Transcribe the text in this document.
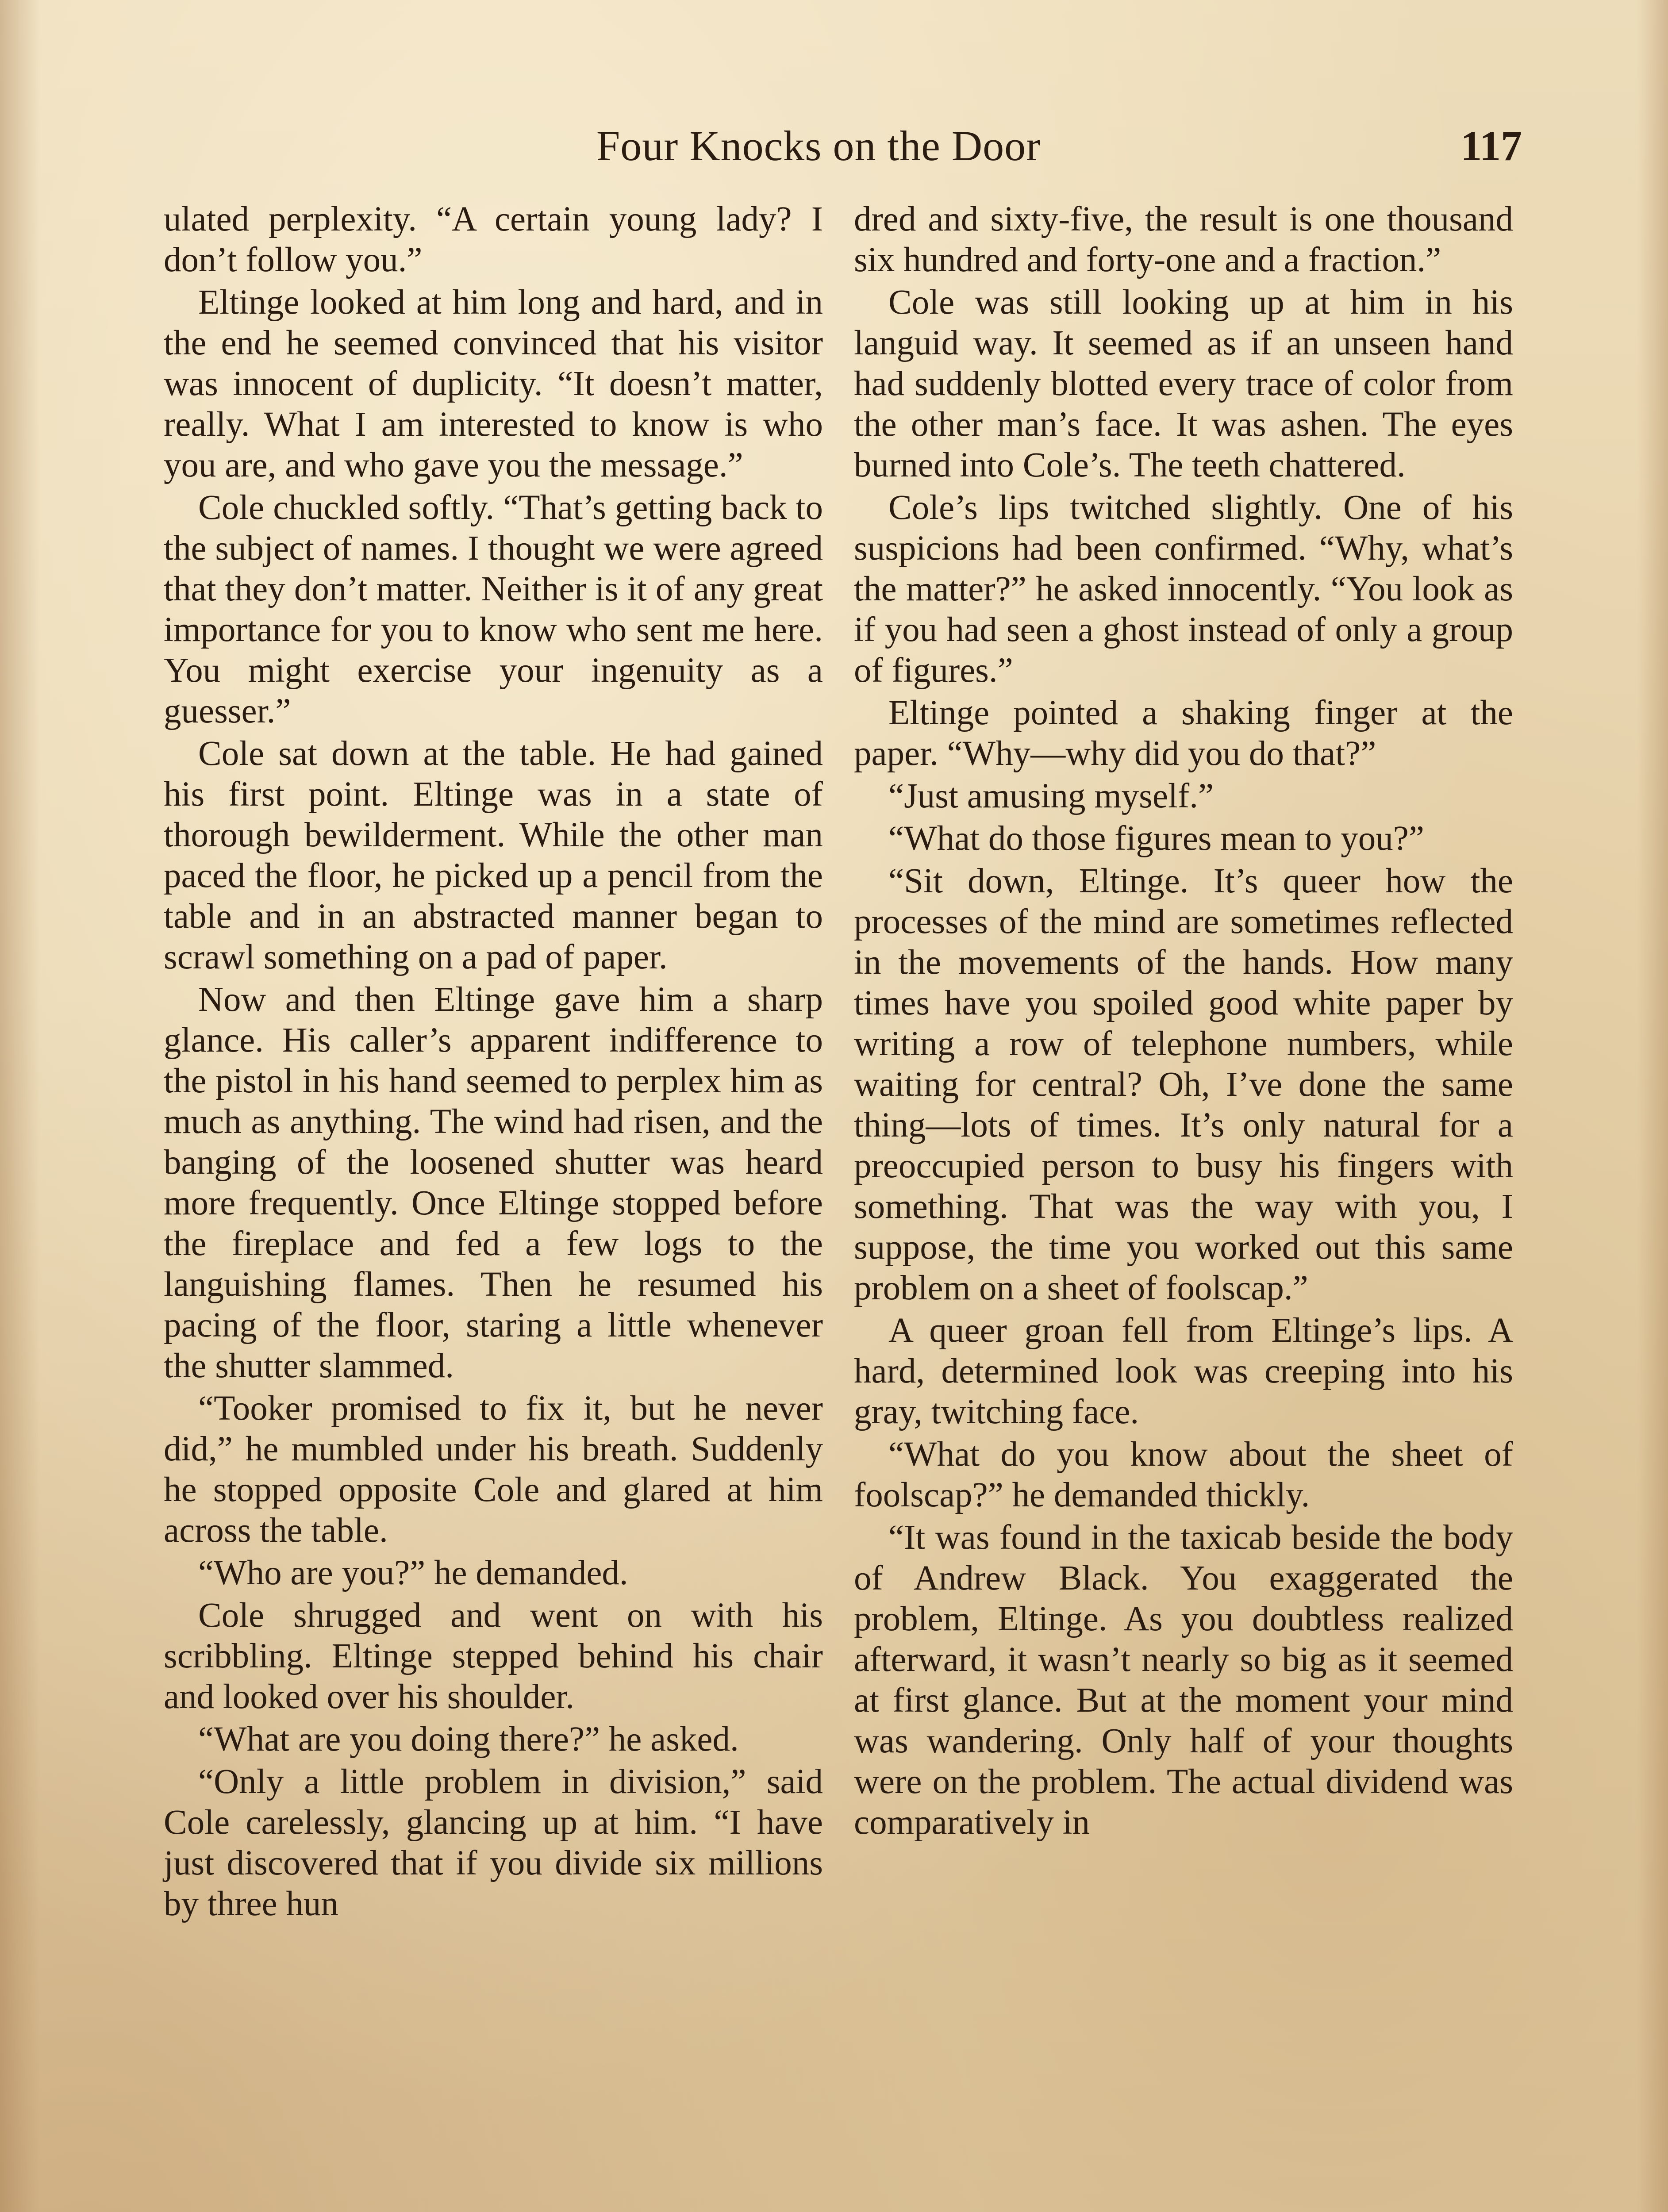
Four Knocks on the Door	117

ulated perplexity. “A certain young lady? I don’t follow you.”

Eltinge looked at him long and hard, and in the end he seemed convinced that his visitor was innocent of duplicity. “It doesn’t matter, really. What I am interested to know is who you are, and who gave you the message.”

Cole chuckled softly. “That’s getting back to the subject of names. I thought we were agreed that they don’t matter. Neither is it of any great importance for you to know who sent me here. You might exercise your ingenuity as a guesser.”

Cole sat down at the table. He had gained his first point. Eltinge was in a state of thorough bewilderment. While the other man paced the floor, he picked up a pencil from the table and in an abstracted manner began to scrawl something on a pad of paper.

Now and then Eltinge gave him a sharp glance. His caller’s apparent indifference to the pistol in his hand seemed to perplex him as much as anything. The wind had risen, and the banging of the loosened shutter was heard more frequently. Once Eltinge stopped before the fireplace and fed a few logs to the languishing flames. Then he resumed his pacing of the floor, staring a little whenever the shutter slammed.

“Tooker promised to fix it, but he never did,” he mumbled under his breath. Suddenly he stopped opposite Cole and glared at him across the table.

“Who are you?” he demanded.

Cole shrugged and went on with his scribbling. Eltinge stepped behind his chair and looked over his shoulder.

“What are you doing there?” he asked.

“Only a little problem in division,” said Cole carelessly, glancing up at him. “I have just discovered that if you divide six millions by three hun

dred and sixty-five, the result is one thousand six hundred and forty-one and a fraction.”

Cole was still looking up at him in his languid way. It seemed as if an unseen hand had suddenly blotted every trace of color from the other man’s face. It was ashen. The eyes burned into Cole’s. The teeth chattered.

Cole’s lips twitched slightly. One of his suspicions had been confirmed. “Why, what’s the matter?” he asked innocently. “You look as if you had seen a ghost instead of only a group of figures.”

Eltinge pointed a shaking finger at the paper. “Why—why did you do that?”

“Just amusing myself.”

“What do those figures mean to you?”

“Sit down, Eltinge. It’s queer how the processes of the mind are sometimes reflected in the movements of the hands. How many times have you spoiled good white paper by writing a row of telephone numbers, while waiting for central? Oh, I’ve done the same thing—lots of times. It’s only natural for a preoccupied person to busy his fingers with something. That was the way with you, I suppose, the time you worked out this same problem on a sheet of foolscap.”

A queer groan fell from Eltinge’s lips. A hard, determined look was creeping into his gray, twitching face.

“What do you know about the sheet of foolscap?” he demanded thickly.

“It was found in the taxicab beside the body of Andrew Black. You exaggerated the problem, Eltinge. As you doubtless realized afterward, it wasn’t nearly so big as it seemed at first glance. But at the moment your mind was wandering. Only half of your thoughts were on the problem. The actual dividend was comparatively in
